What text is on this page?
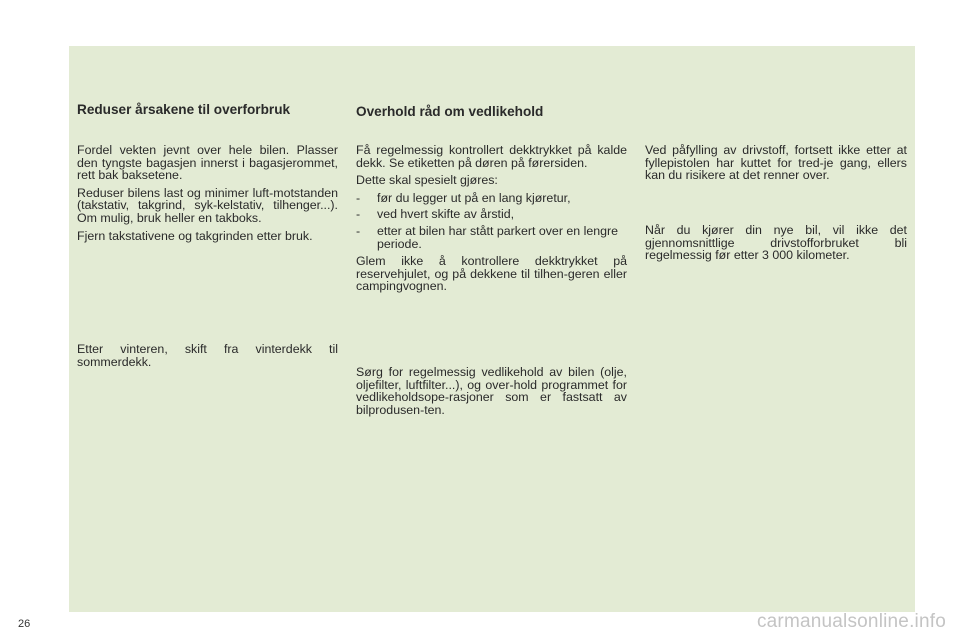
Reduser årsakene til overforbruk

Fordel vekten jevnt over hele bilen. Plasser den tyngste bagasjen innerst i bagasjerommet, rett bak baksetene.

Reduser bilens last og minimer luft-motstanden (takstativ, takgrind, syk-kelstativ, tilhenger...). Om mulig, bruk heller en takboks.

Fjern takstativene og takgrinden etter bruk.

Etter vinteren, skift fra vinterdekk til sommerdekk.

Overhold råd om vedlikehold

Få regelmessig kontrollert dekktrykket på kalde dekk. Se etiketten på døren på førersiden.

Dette skal spesielt gjøres:

- før du legger ut på en lang kjøretur,
- ved hvert skifte av årstid,
- etter at bilen har stått parkert over en lengre periode.

Glem ikke å kontrollere dekktrykket på reservehjulet, og på dekkene til tilhen-geren eller campingvognen.

Sørg for regelmessig vedlikehold av bilen (olje, oljefilter, luftfilter...), og over-hold programmet for vedlikeholdsope-rasjoner som er fastsatt av bilprodusen-ten.

Ved påfylling av drivstoff, fortsett ikke etter at fyllepistolen har kuttet for tred-je gang, ellers kan du risikere at det renner over.

Når du kjører din nye bil, vil ikke det gjennomsnittlige drivstofforbruket bli regelmessig før etter 3 000 kilometer.

26	carmanualsonline.info
